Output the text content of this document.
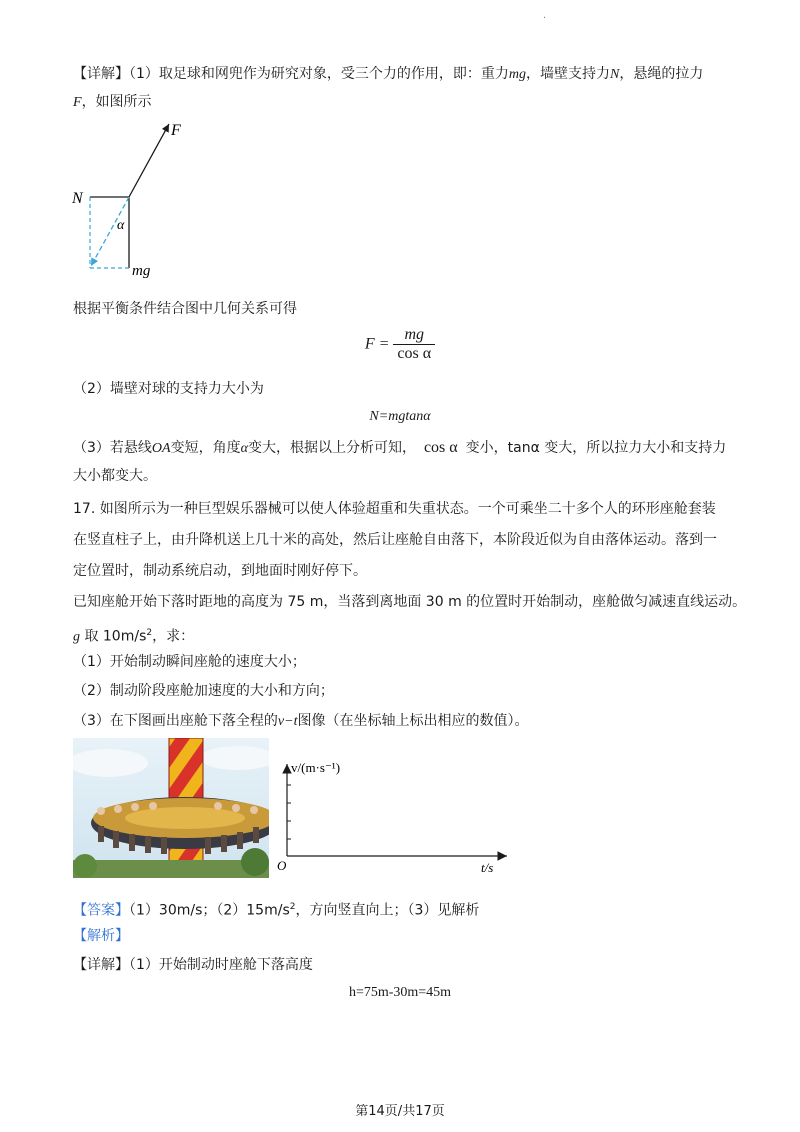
.
【详解】（1）取足球和网兜作为研究对象，受三个力的作用，即：重力mg，墙壁支持力N，悬绳的拉力
F，如图所示
F
N
α
mg
根据平衡条件结合图中几何关系可得
$F = \frac{mg}{\text{cos α}}$
（2）墙壁对球的支持力大小为
N=mgtanα
（3）若悬线OA变短，角度α变大，根据以上分析可知， cos α 变小，tanα 变大，所以拉力大小和支持力
大小都变大。
17. 如图所示为一种巨型娱乐器械可以使人体验超重和失重状态。一个可乘坐二十多个人的环形座舱套装
在竖直柱子上，由升降机送上几十米的高处，然后让座舱自由落下，本阶段近似为自由落体运动。落到一
定位置时，制动系统启动，到地面时刚好停下。
已知座舱开始下落时距地的高度为 75 m，当落到离地面 30 m 的位置时开始制动，座舱做匀减速直线运动。
g 取 $10m/s^2$，求：
（1）开始制动瞬间座舱的速度大小；
（2）制动阶段座舱加速度的大小和方向；
（3）在下图画出座舱下落全程的v−t图像（在坐标轴上标出相应的数值）。
v/(m·s⁻¹)
t/s
O
【答案】（1）30m/s；$(2)15m/s^2$，方向竖直向上；（3）见解析
【解析】
【详解】（1）开始制动时座舱下落高度
h=75m-30m=45m
第14页/共17页
